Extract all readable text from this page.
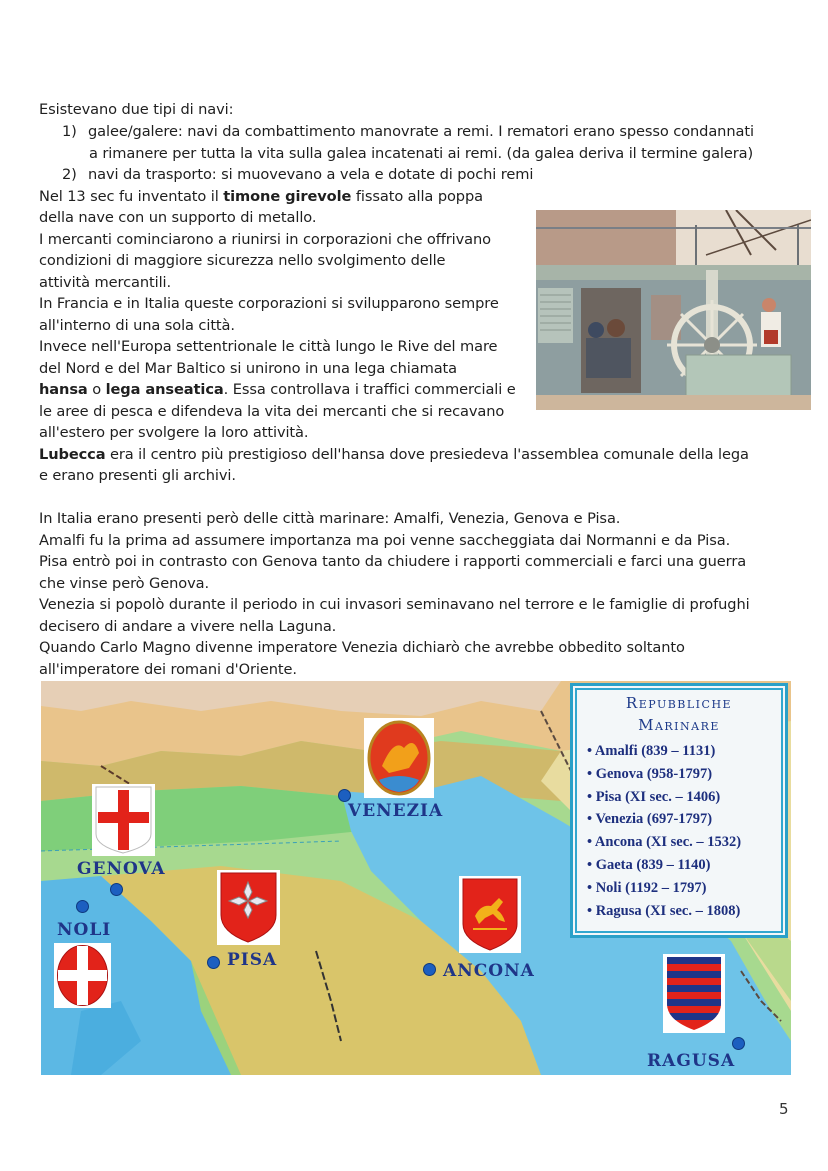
Esistevano due tipi di navi:
1) galee/galere: navi da combattimento manovrate a remi. I rematori erano spesso condannati
a rimanere per tutta la vita sulla galea incatenati ai remi. (da galea deriva il termine galera)
2) navi da trasporto: si muovevano a vela e dotate di pochi remi
Nel 13 sec fu inventato il timone girevole fissato alla poppa
della nave con un supporto di metallo.
I mercanti cominciarono a riunirsi in corporazioni che offrivano
condizioni di maggiore sicurezza nello svolgimento delle
attività mercantili.
In Francia e in Italia queste corporazioni si svilupparono sempre
all'interno di una sola città.
Invece nell'Europa settentrionale le città lungo le Rive del mare
del Nord e del Mar Baltico si unirono in una lega chiamata
hansa o lega anseatica. Essa controllava i traffici commerciali e
le aree di pesca e difendeva la vita dei mercanti che si recavano
all'estero per svolgere la loro attività.
Lubecca era il centro più prestigioso dell'hansa dove presiedeva l'assemblea comunale della lega
e erano presenti gli archivi.
In Italia erano presenti però delle città marinare: Amalfi, Venezia, Genova e Pisa.
Amalfi fu la prima ad assumere importanza ma poi venne saccheggiata dai Normanni e da Pisa.
Pisa entrò poi in contrasto con Genova tanto da chiudere i rapporti commerciali e farci una guerra
che vinse però Genova.
Venezia si popolò durante il periodo in cui invasori seminavano nel terrore e le famiglie di profughi
decisero di andare a vivere nella Laguna.
Quando Carlo Magno divenne imperatore Venezia dichiarò che avrebbe obbedito soltanto
all'imperatore dei romani d'Oriente.
GENOVA
NOLI
PISA
VENEZIA
ANCONA
RAGUSA
Repubbliche
Marinare
• Amalfi (839 – 1131)
• Genova (958-1797)
• Pisa (XI sec. – 1406)
• Venezia (697-1797)
• Ancona (XI sec. – 1532)
• Gaeta (839 – 1140)
• Noli (1192 – 1797)
• Ragusa (XI sec. – 1808)
5
